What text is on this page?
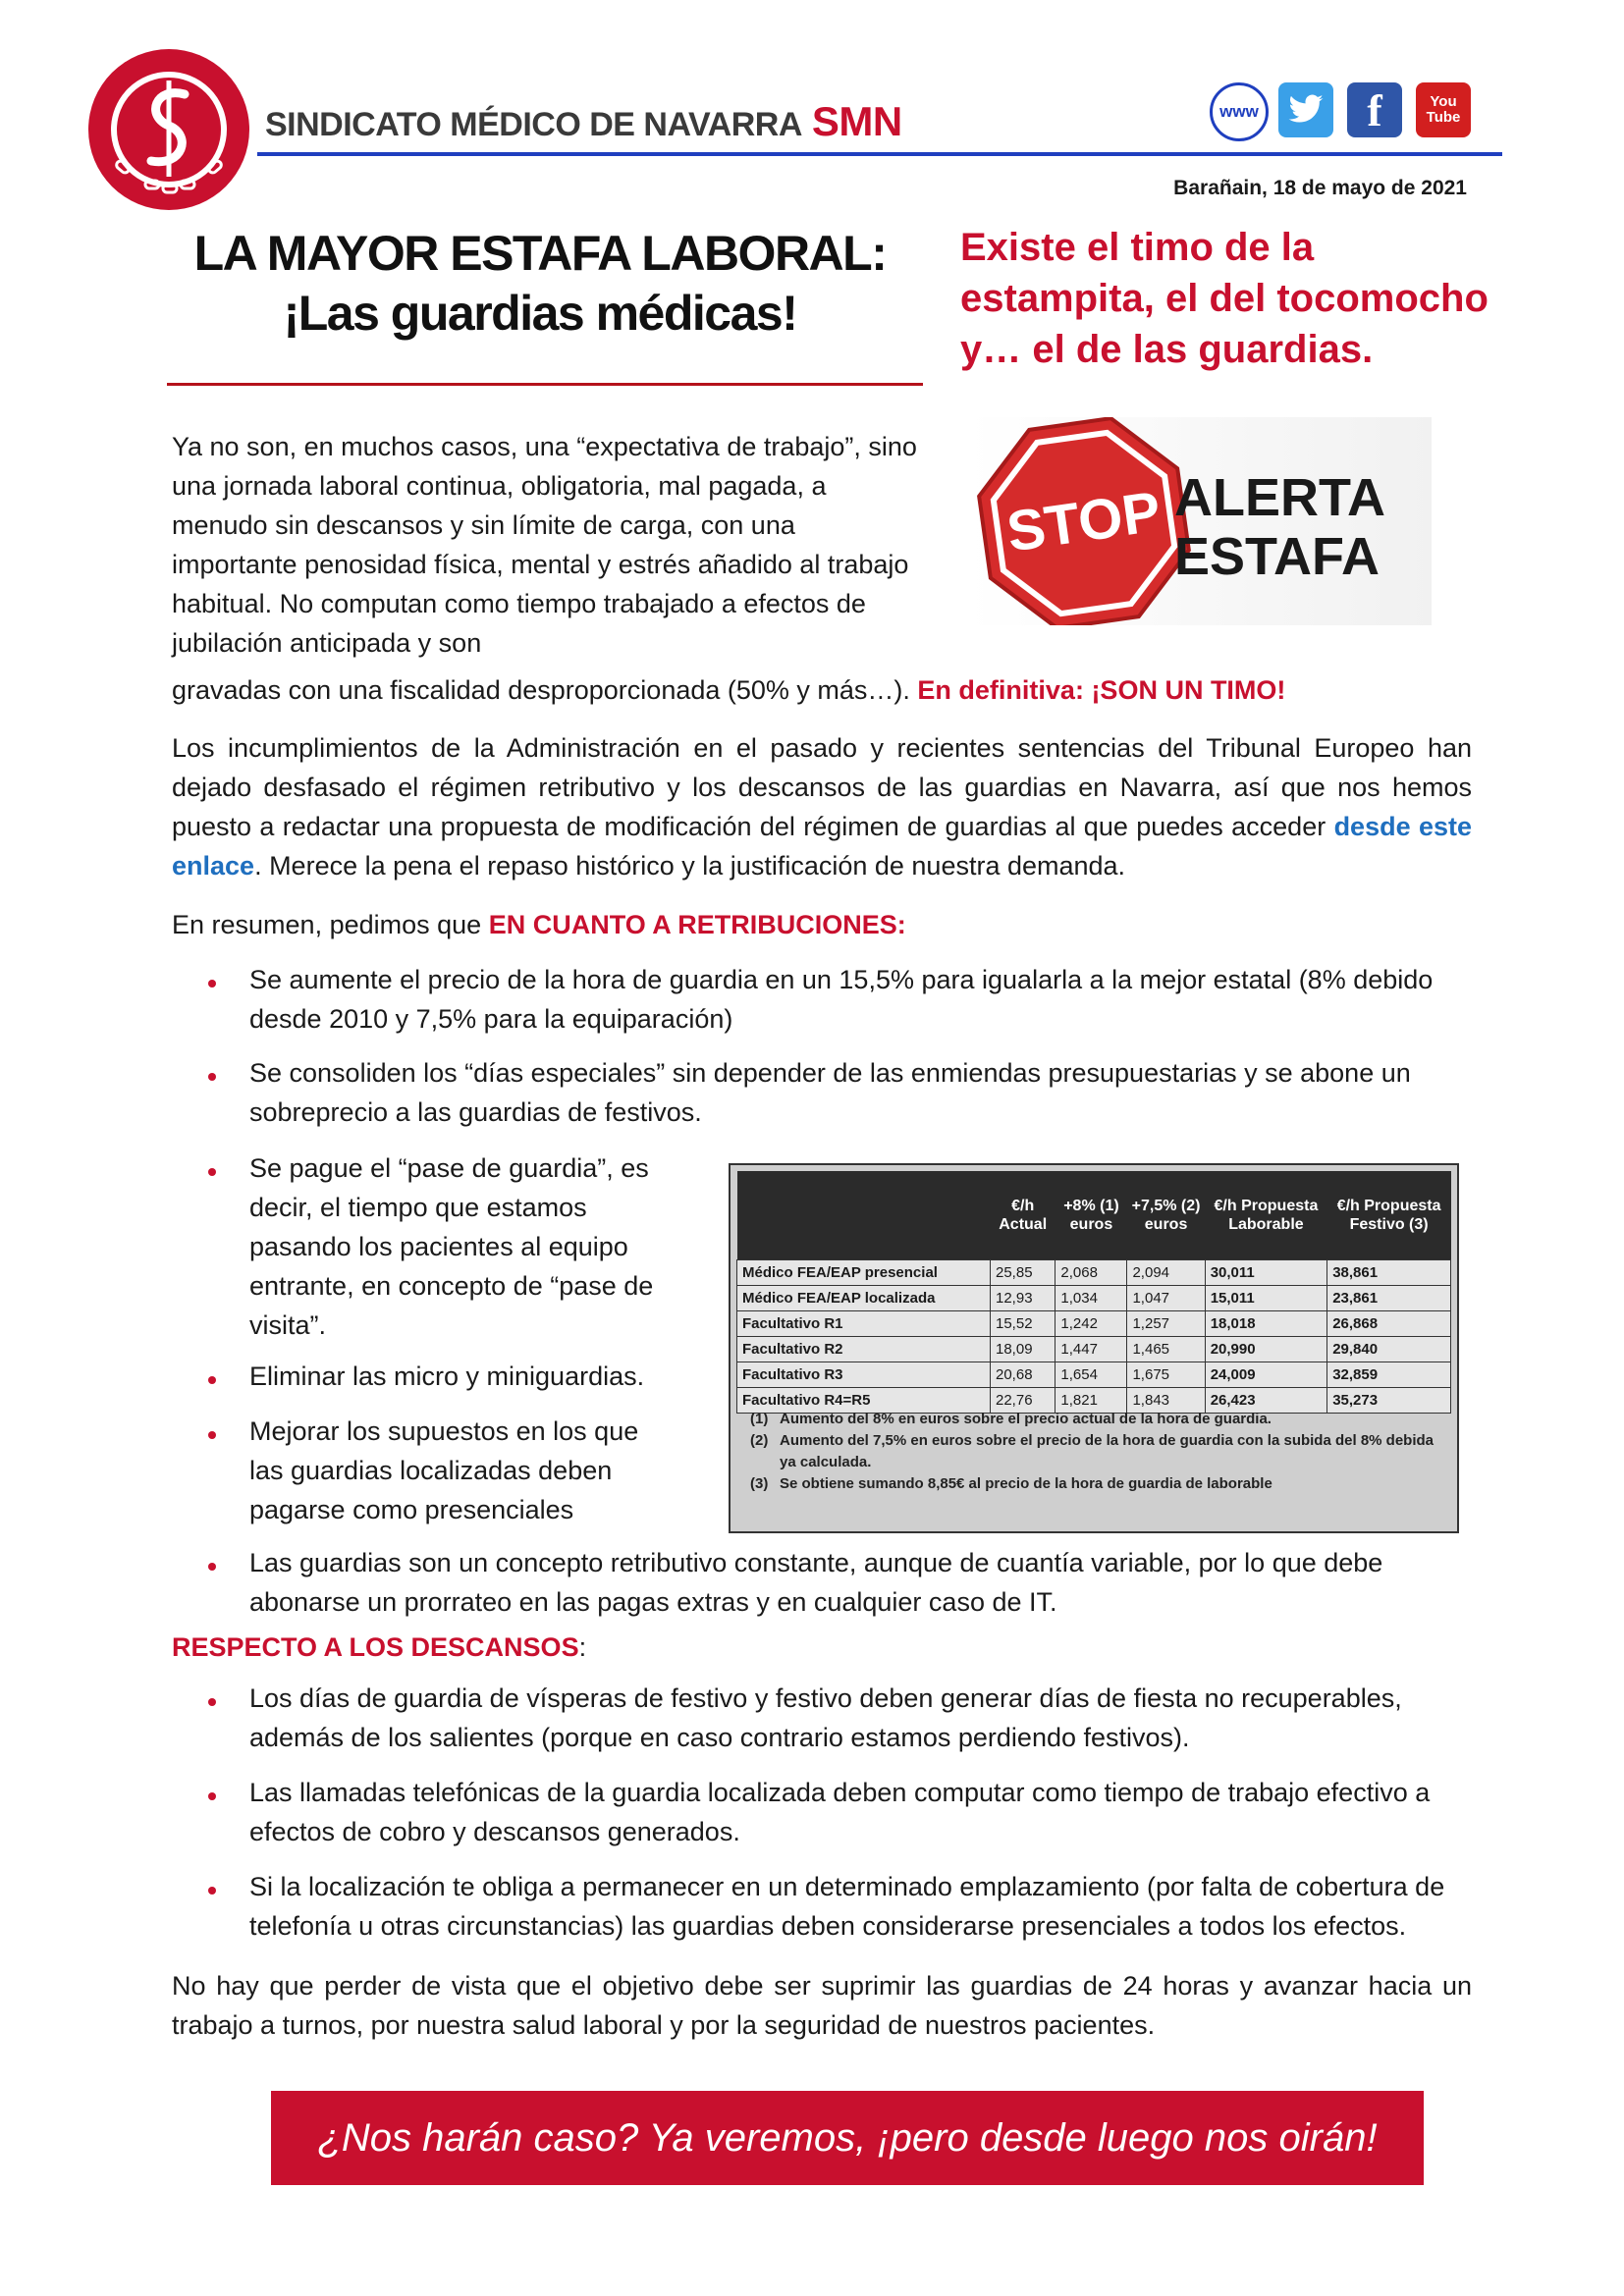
SINDICATO MÉDICO DE NAVARRA SMN	www f	You
Tube
Barañain, 18 de mayo de 2021
LA MAYOR ESTAFA LABORAL:
¡Las guardias médicas!
Existe el timo de la estampita, el del tocomocho y… el de las guardias.
STOP ALERTA
ESTAFA
Ya no son, en muchos casos, una “expectativa de trabajo”, sino una jornada laboral continua, obligatoria, mal pagada, a menudo sin descansos y sin límite de carga, con una importante penosidad física, mental y estrés añadido al trabajo habitual. No computan como tiempo trabajado a efectos de jubilación anticipada y son
gravadas con una fiscalidad desproporcionada (50% y más…). En definitiva: ¡SON UN TIMO!
Los incumplimientos de la Administración en el pasado y recientes sentencias del Tribunal Europeo han dejado desfasado el régimen retributivo y los descansos de las guardias en Navarra, así que nos hemos puesto a redactar una propuesta de modificación del régimen de guardias al que puedes acceder desde este enlace. Merece la pena el repaso histórico y la justificación de nuestra demanda.
En resumen, pedimos que EN CUANTO A RETRIBUCIONES:
Se aumente el precio de la hora de guardia en un 15,5% para igualarla a la mejor estatal (8% debido desde 2010 y 7,5% para la equiparación)
Se consoliden los “días especiales” sin depender de las enmiendas presupuestarias y se abone un sobreprecio a las guardias de festivos.
Se pague el “pase de guardia”, es decir, el tiempo que estamos pasando los pacientes al equipo entrante, en concepto de “pase de visita”.
Eliminar las micro y miniguardias.
Mejorar los supuestos en los que las guardias localizadas deben pagarse como presenciales
Las guardias son un concepto retributivo constante, aunque de cuantía variable, por lo que debe abonarse un prorrateo en las pagas extras y en cualquier caso de IT.
	€/h Actual	+8% (1) euros	+7,5% (2) euros	€/h Propuesta Laborable	€/h Propuesta Festivo (3)
Médico FEA/EAP presencial	25,85	2,068	2,094	30,011	38,861
Médico FEA/EAP localizada	12,93	1,034	1,047	15,011	23,861
Facultativo R1	15,52	1,242	1,257	18,018	26,868
Facultativo R2	18,09	1,447	1,465	20,990	29,840
Facultativo R3	20,68	1,654	1,675	24,009	32,859
Facultativo R4=R5	22,76	1,821	1,843	26,423	35,273
(1) Aumento del 8% en euros sobre el precio actual de la hora de guardia.
(2) Aumento del 7,5% en euros sobre el precio de la hora de guardia con la subida del 8% debida ya calculada.
(3) Se obtiene sumando 8,85€ al precio de la hora de guardia de laborable
RESPECTO A LOS DESCANSOS:
Los días de guardia de vísperas de festivo y festivo deben generar días de fiesta no recuperables, además de los salientes (porque en caso contrario estamos perdiendo festivos).
Las llamadas telefónicas de la guardia localizada deben computar como tiempo de trabajo efectivo a efectos de cobro y descansos generados.
Si la localización te obliga a permanecer en un determinado emplazamiento (por falta de cobertura de telefonía u otras circunstancias) las guardias deben considerarse presenciales a todos los efectos.
No hay que perder de vista que el objetivo debe ser suprimir las guardias de 24 horas y avanzar hacia un trabajo a turnos, por nuestra salud laboral y por la seguridad de nuestros pacientes.
¿Nos harán caso? Ya veremos, ¡pero desde luego nos oirán!
